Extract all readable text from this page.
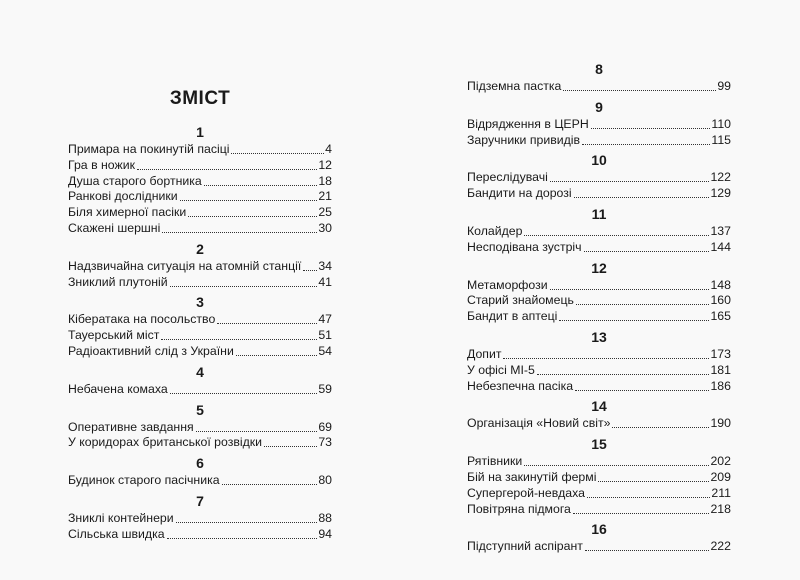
ЗМІСТ
1
Примара на покинутій пасіці	4
Гра в ножик	12
Душа старого бортника	18
Ранкові дослідники	21
Біля химерної пасіки	25
Скажені шершні	30
2
Надзвичайна ситуація на атомній станції 34
Зниклий плутоній	41
3
Кібератака на посольство	47
Тауерський міст	51
Радіоактивний слід з України	54
4
Небачена комаха	59
5
Оперативне завдання	69
У коридорах британської розвідки	73
6
Будинок старого пасічника	80
7
Зниклі контейнери	88
Сільська швидка	94
8
Підземна пастка	99
9
Відрядження в ЦЕРН	110
Заручники привидів	115
10
Переслідувачі	122
Бандити на дорозі	129
11
Колайдер	137
Несподівана зустріч	144
12
Метаморфози	148
Старий знайомець	160
Бандит в аптеці	165
13
Допит	173
У офісі МІ-5	181
Небезпечна пасіка	186
14
Організація «Новий світ»	190
15
Рятівники	202
Бій на закинутій фермі	209
Супергерой-невдаха	211
Повітряна підмога	218
16
Підступний аспірант	222
